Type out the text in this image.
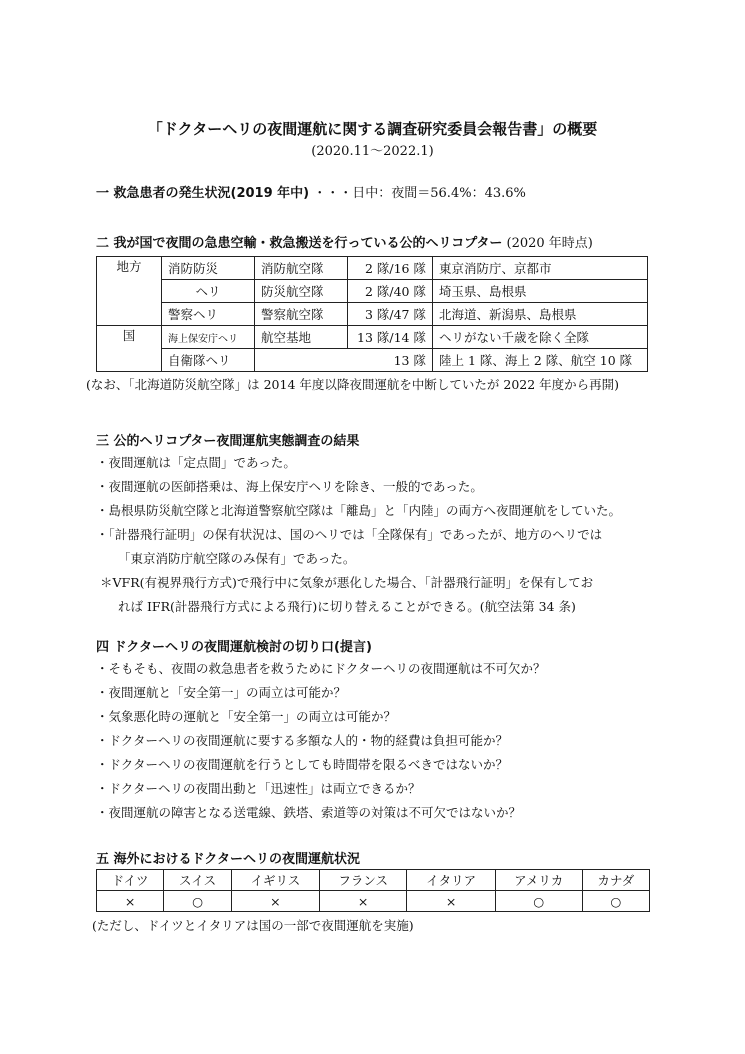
「ドクターヘリの夜間運航に関する調査研究委員会報告書」の概要
(2020.11〜2022.1)
一 救急患者の発生状況(2019 年中) ・・・日中：夜間＝56.4%：43.6%
二 我が国で夜間の急患空輸・救急搬送を行っている公的ヘリコプター (2020 年時点)
地方	消防防災	消防航空隊	2 隊/16 隊	東京消防庁、京都市
	ヘリ	防災航空隊	2 隊/40 隊	埼玉県、島根県
	警察ヘリ	警察航空隊	3 隊/47 隊	北海道、新潟県、島根県
国	海上保安庁ヘリ	航空基地	13 隊/14 隊	ヘリがない千歳を除く全隊
	自衛隊ヘリ		13 隊	陸上 1 隊、海上 2 隊、航空 10 隊
(なお、「北海道防災航空隊」は 2014 年度以降夜間運航を中断していたが 2022 年度から再開)
三 公的ヘリコプター夜間運航実態調査の結果
・夜間運航は「定点間」であった。
・夜間運航の医師搭乗は、海上保安庁ヘリを除き、一般的であった。
・島根県防災航空隊と北海道警察航空隊は「離島」と「内陸」の両方へ夜間運航をしていた。
・「計器飛行証明」の保有状況は、国のヘリでは「全隊保有」であったが、地方のヘリでは
「東京消防庁航空隊のみ保有」であった。
＊VFR(有視界飛行方式)で飛行中に気象が悪化した場合、「計器飛行証明」を保有してお
れば IFR(計器飛行方式による飛行)に切り替えることができる。(航空法第 34 条)
四 ドクターヘリの夜間運航検討の切り口(提言)
・そもそも、夜間の救急患者を救うためにドクターヘリの夜間運航は不可欠か？
・夜間運航と「安全第一」の両立は可能か？
・気象悪化時の運航と「安全第一」の両立は可能か？
・ドクターヘリの夜間運航に要する多額な人的・物的経費は負担可能か？
・ドクターヘリの夜間運航を行うとしても時間帯を限るべきではないか？
・ドクターヘリの夜間出動と「迅速性」は両立できるか？
・夜間運航の障害となる送電線、鉄塔、索道等の対策は不可欠ではないか？
五 海外におけるドクターヘリの夜間運航状況
ドイツ	スイス	イギリス	フランス	イタリア	アメリカ	カナダ
×	○	×	×	×	○	○
(ただし、ドイツとイタリアは国の一部で夜間運航を実施)
